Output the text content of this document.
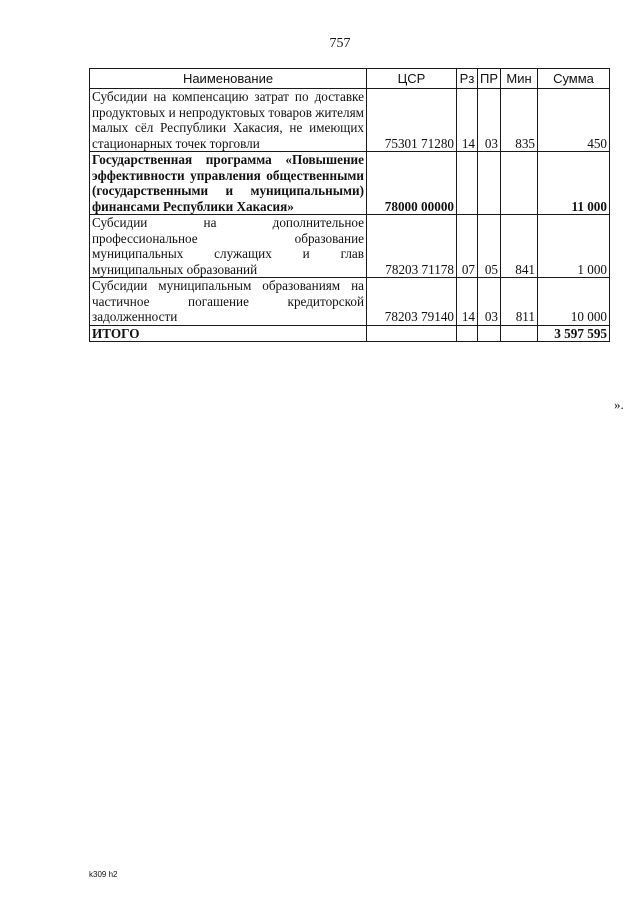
757
Наименование	ЦСР	Рз	ПР	Мин	Сумма
Субсидии на компенсацию затрат по доставке продуктовых и непродуктовых товаров жителям малых сёл Республики Хакасия, не имеющих стационарных точек торговли	75301 71280	14	03	835	450
Государственная программа «Повышение эффективности управления общественными (государственными и муниципальными) финансами Республики Хакасия»	78000 00000				11 000
Субсидии на дополнительное профессиональное образование муниципальных служащих и глав муниципальных образований	78203 71178	07	05	841	1 000
Субсидии муниципальным образованиям на частичное погашение кредиторской задолженности	78203 79140	14	03	811	10 000
ИТОГО					3 597 595
».
k309 h2
